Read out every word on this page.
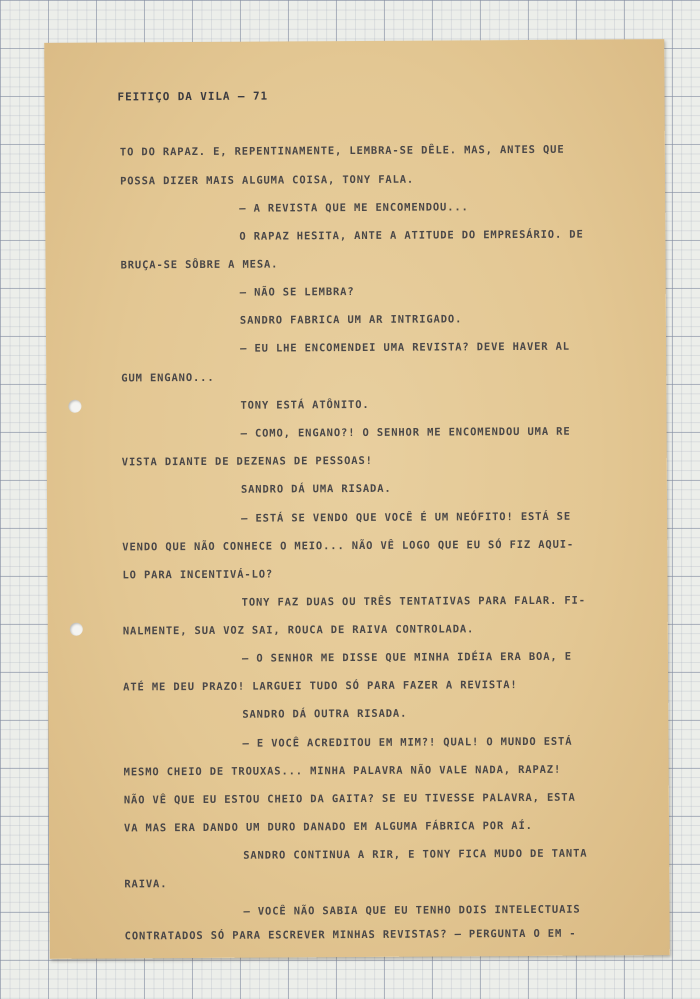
FEITIÇO DA VILA — 71
TO DO RAPAZ. E, REPENTINAMENTE, LEMBRA-SE DÊLE. MAS, ANTES QUE
POSSA DIZER MAIS ALGUMA COISA, TONY FALA.
— A REVISTA QUE ME ENCOMENDOU...
O RAPAZ HESITA, ANTE A ATITUDE DO EMPRESÁRIO. DE
BRUÇA-SE SÔBRE A MESA.
— NÃO SE LEMBRA?
SANDRO FABRICA UM AR INTRIGADO.
— EU LHE ENCOMENDEI UMA REVISTA? DEVE HAVER AL
GUM ENGANO...
TONY ESTÁ ATÔNITO.
— COMO, ENGANO?! O SENHOR ME ENCOMENDOU UMA RE
VISTA DIANTE DE DEZENAS DE PESSOAS!
SANDRO DÁ UMA RISADA.
— ESTÁ SE VENDO QUE VOCÊ É UM NEÓFITO! ESTÁ SE
VENDO QUE NÃO CONHECE O MEIO... NÃO VÊ LOGO QUE EU SÓ FIZ AQUI-
LO PARA INCENTIVÁ-LO?
TONY FAZ DUAS OU TRÊS TENTATIVAS PARA FALAR. FI-
NALMENTE, SUA VOZ SAI, ROUCA DE RAIVA CONTROLADA.
— O SENHOR ME DISSE QUE MINHA IDÉIA ERA BOA, E
ATÉ ME DEU PRAZO! LARGUEI TUDO SÓ PARA FAZER A REVISTA!
SANDRO DÁ OUTRA RISADA.
— E VOCÊ ACREDITOU EM MIM?! QUAL! O MUNDO ESTÁ
MESMO CHEIO DE TROUXAS... MINHA PALAVRA NÃO VALE NADA, RAPAZ!
NÃO VÊ QUE EU ESTOU CHEIO DA GAITA? SE EU TIVESSE PALAVRA, ESTA
VA MAS ERA DANDO UM DURO DANADO EM ALGUMA FÁBRICA POR AÍ.
SANDRO CONTINUA A RIR, E TONY FICA MUDO DE TANTA
RAIVA.
— VOCÊ NÃO SABIA QUE EU TENHO DOIS INTELECTUAIS
CONTRATADOS SÓ PARA ESCREVER MINHAS REVISTAS? — PERGUNTA O EM -
